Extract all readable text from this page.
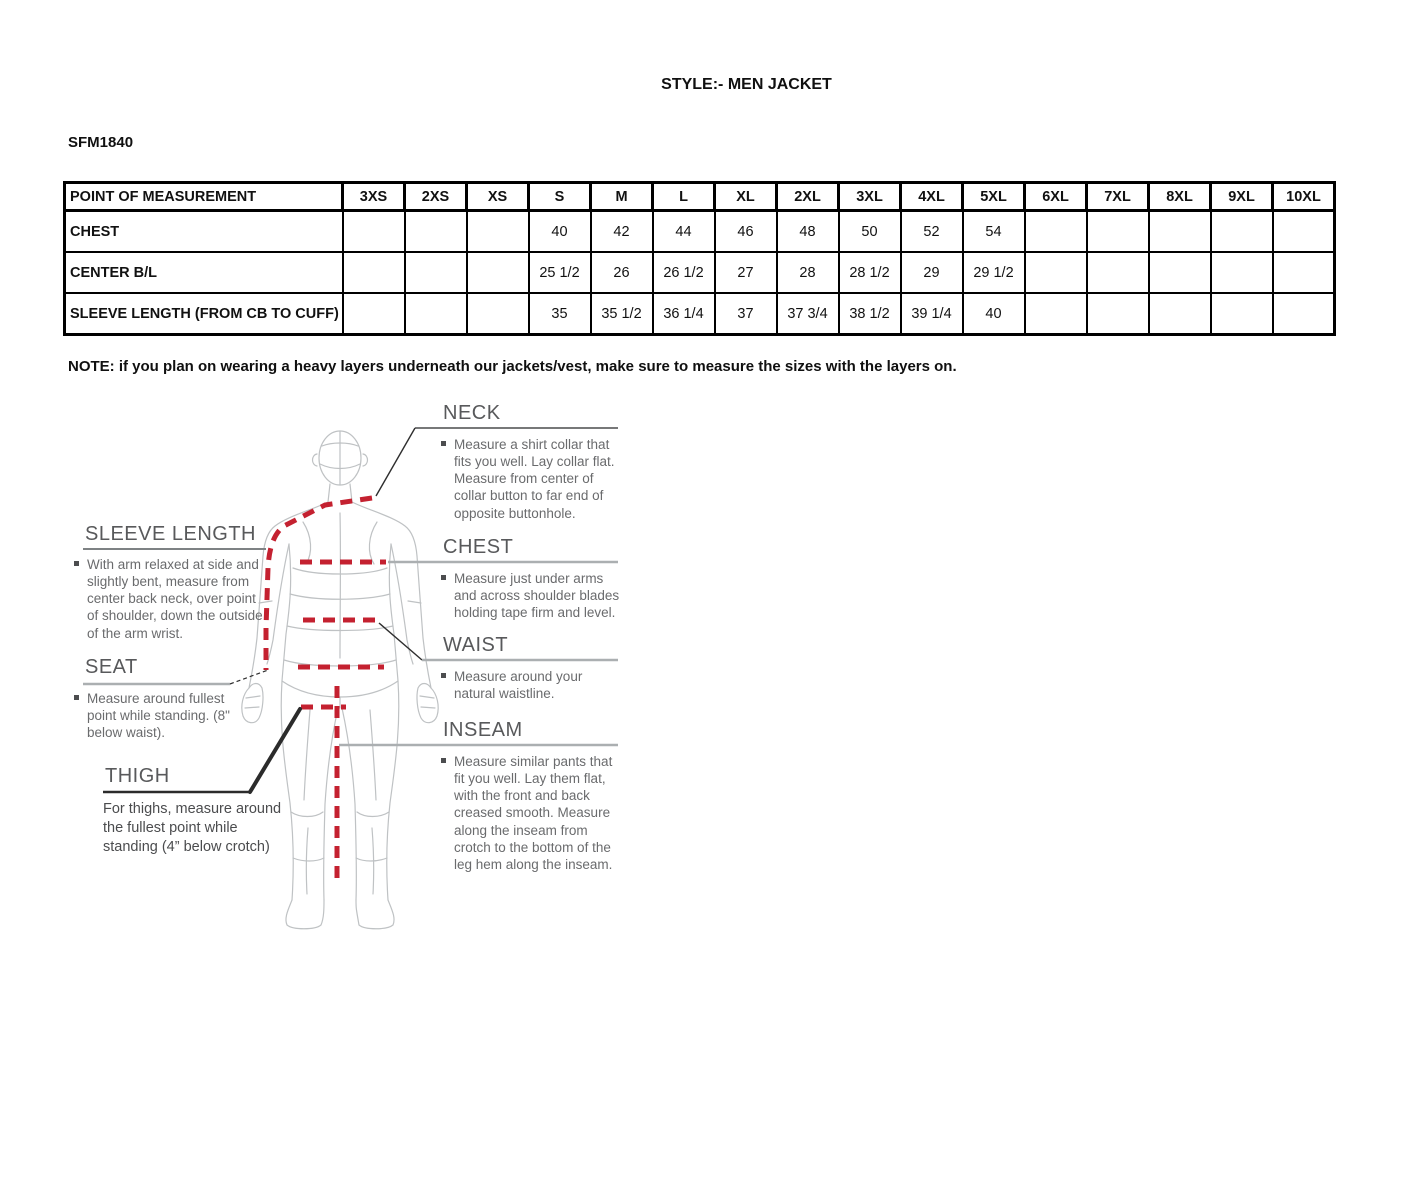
STYLE:- MEN JACKET
SFM1840
POINT OF MEASUREMENT	3XS	2XS	XS	S	M	L	XL	2XL	3XL	4XL	5XL	6XL	7XL	8XL	9XL	10XL
CHEST				40	42	44	46	48	50	52	54					
CENTER B/L				25 1/2	26	26 1/2	27	28	28 1/2	29	29 1/2					
SLEEVE LENGTH (FROM CB TO CUFF)				35	35 1/2	36 1/4	37	37 3/4	38 1/2	39 1/4	40					
NOTE: if you plan on wearing a heavy layers underneath our jackets/vest, make sure to measure the sizes with the layers on.
NECK

Measure a shirt collar that fits you well. Lay collar flat. Measure from center of collar button to far end of opposite buttonhole.

CHEST

Measure just under arms and across shoulder blades holding tape firm and level.

WAIST

Measure around your natural waistline.

INSEAM

Measure similar pants that fit you well. Lay them flat, with the front and back creased smooth. Measure along the inseam from crotch to the bottom of the leg hem along the inseam.

SLEEVE LENGTH

With arm relaxed at side and slightly bent, measure from center back neck, over point of shoulder, down the outside of the arm wrist.

SEAT

Measure around fullest point while standing. (8" below waist).

THIGH

For thighs, measure around the fullest point while standing (4” below crotch)
